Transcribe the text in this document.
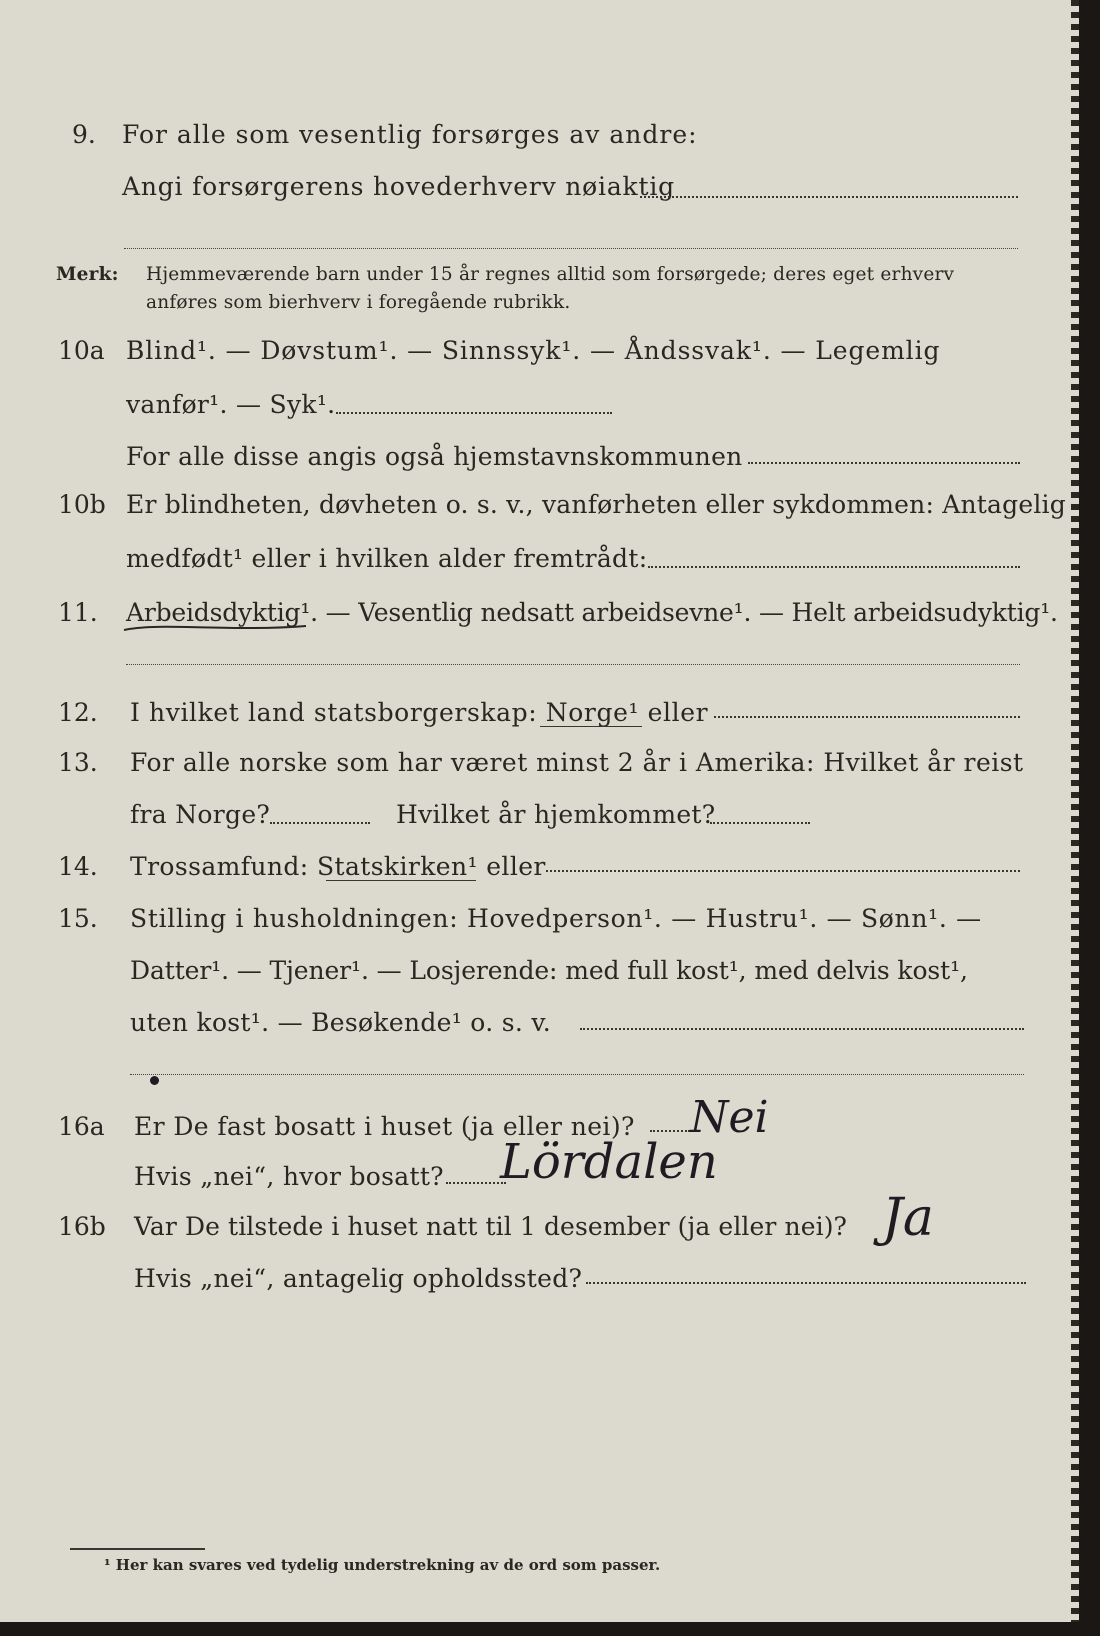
9. For alle som vesentlig forsørges av andre:
Angi forsørgerens hovederhverv nøiaktig
Merk: Hjemmeværende barn under 15 år regnes alltid som forsørgede; deres eget erhverv
anføres som bierhverv i foregående rubrikk.
10a Blind¹. — Døvstum¹. — Sinnssyk¹. — Åndssvak¹. — Legemlig
vanfør¹. — Syk¹.
For alle disse angis også hjemstavnskommunen
10b Er blindheten, døvheten o. s. v., vanførheten eller sykdommen: Antagelig
medfødt¹ eller i hvilken alder fremtrådt:
11. Arbeidsdyktig¹. — Vesentlig nedsatt arbeidsevne¹. — Helt arbeidsudyktig¹.
12. I hvilket land statsborgerskap: Norge¹ eller
13. For alle norske som har været minst 2 år i Amerika: Hvilket år reist
fra Norge?	Hvilket år hjemkommet?
14. Trossamfund: Statskirken¹ eller
15. Stilling i husholdningen: Hovedperson¹. — Hustru¹. — Sønn¹. —
Datter¹. — Tjener¹. — Losjerende: med full kost¹, med delvis kost¹,
uten kost¹. — Besøkende¹ o. s. v.
16a Er De fast bosatt i huset (ja eller nei)? Nei
Hvis „nei“, hvor bosatt? Lördalen
16b Var De tilstede i huset natt til 1 desember (ja eller nei)? Ja
Hvis „nei“, antagelig opholdssted?
¹ Her kan svares ved tydelig understrekning av de ord som passer.
